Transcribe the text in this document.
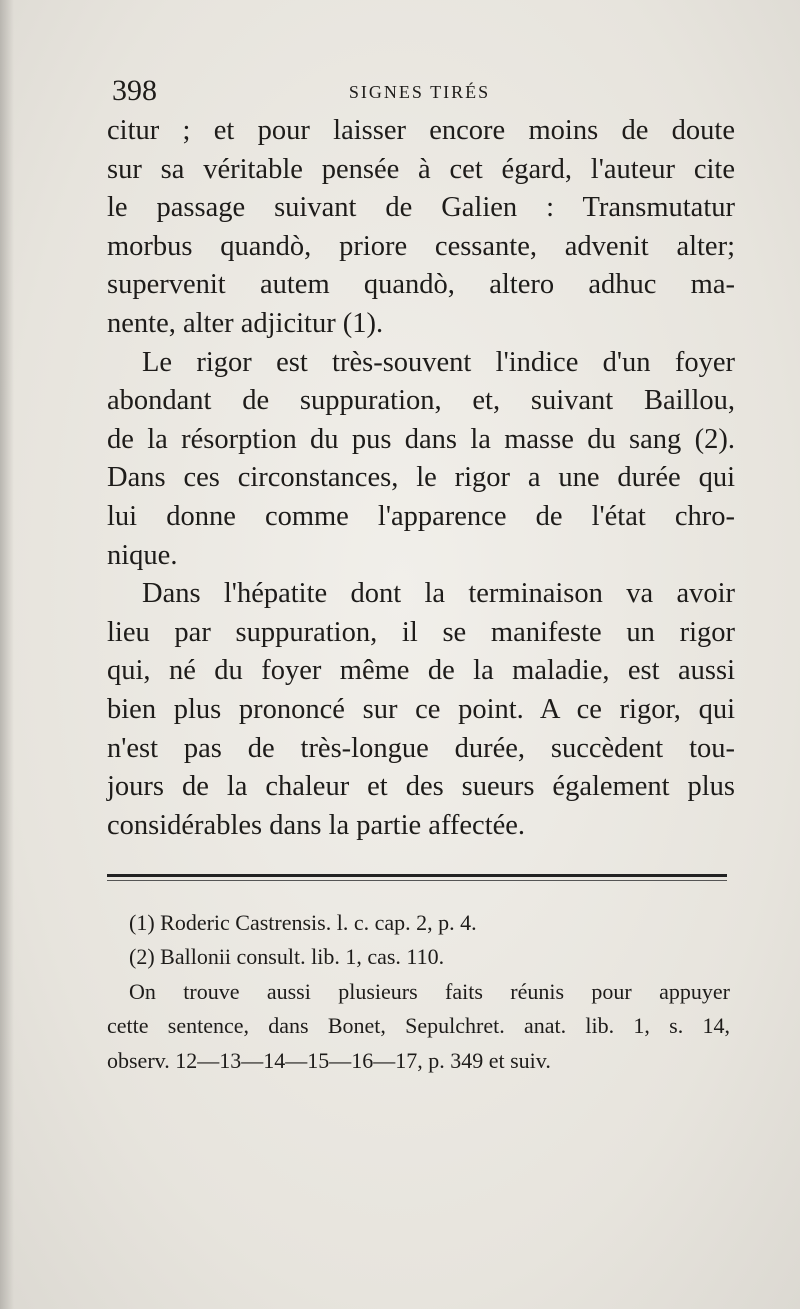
398	SIGNES TIRÉS
citur ; et pour laisser encore moins de doute
sur sa véritable pensée à cet égard, l'auteur cite
le passage suivant de Galien : Transmutatur
morbus quandò, priore cessante, advenit alter;
supervenit autem quandò, altero adhuc ma-
nente, alter adjicitur (1).
Le rigor est très-souvent l'indice d'un foyer
abondant de suppuration, et, suivant Baillou,
de la résorption du pus dans la masse du sang (2).
Dans ces circonstances, le rigor a une durée qui
lui donne comme l'apparence de l'état chro-
nique.
Dans l'hépatite dont la terminaison va avoir
lieu par suppuration, il se manifeste un rigor
qui, né du foyer même de la maladie, est aussi
bien plus prononcé sur ce point. A ce rigor, qui
n'est pas de très-longue durée, succèdent tou-
jours de la chaleur et des sueurs également plus
considérables dans la partie affectée.
(1) Roderic Castrensis. l. c. cap. 2, p. 4.
(2) Ballonii consult. lib. 1, cas. 110.
On trouve aussi plusieurs faits réunis pour appuyer
cette sentence, dans Bonet, Sepulchret. anat. lib. 1, s. 14,
observ. 12—13—14—15—16—17, p. 349 et suiv.
